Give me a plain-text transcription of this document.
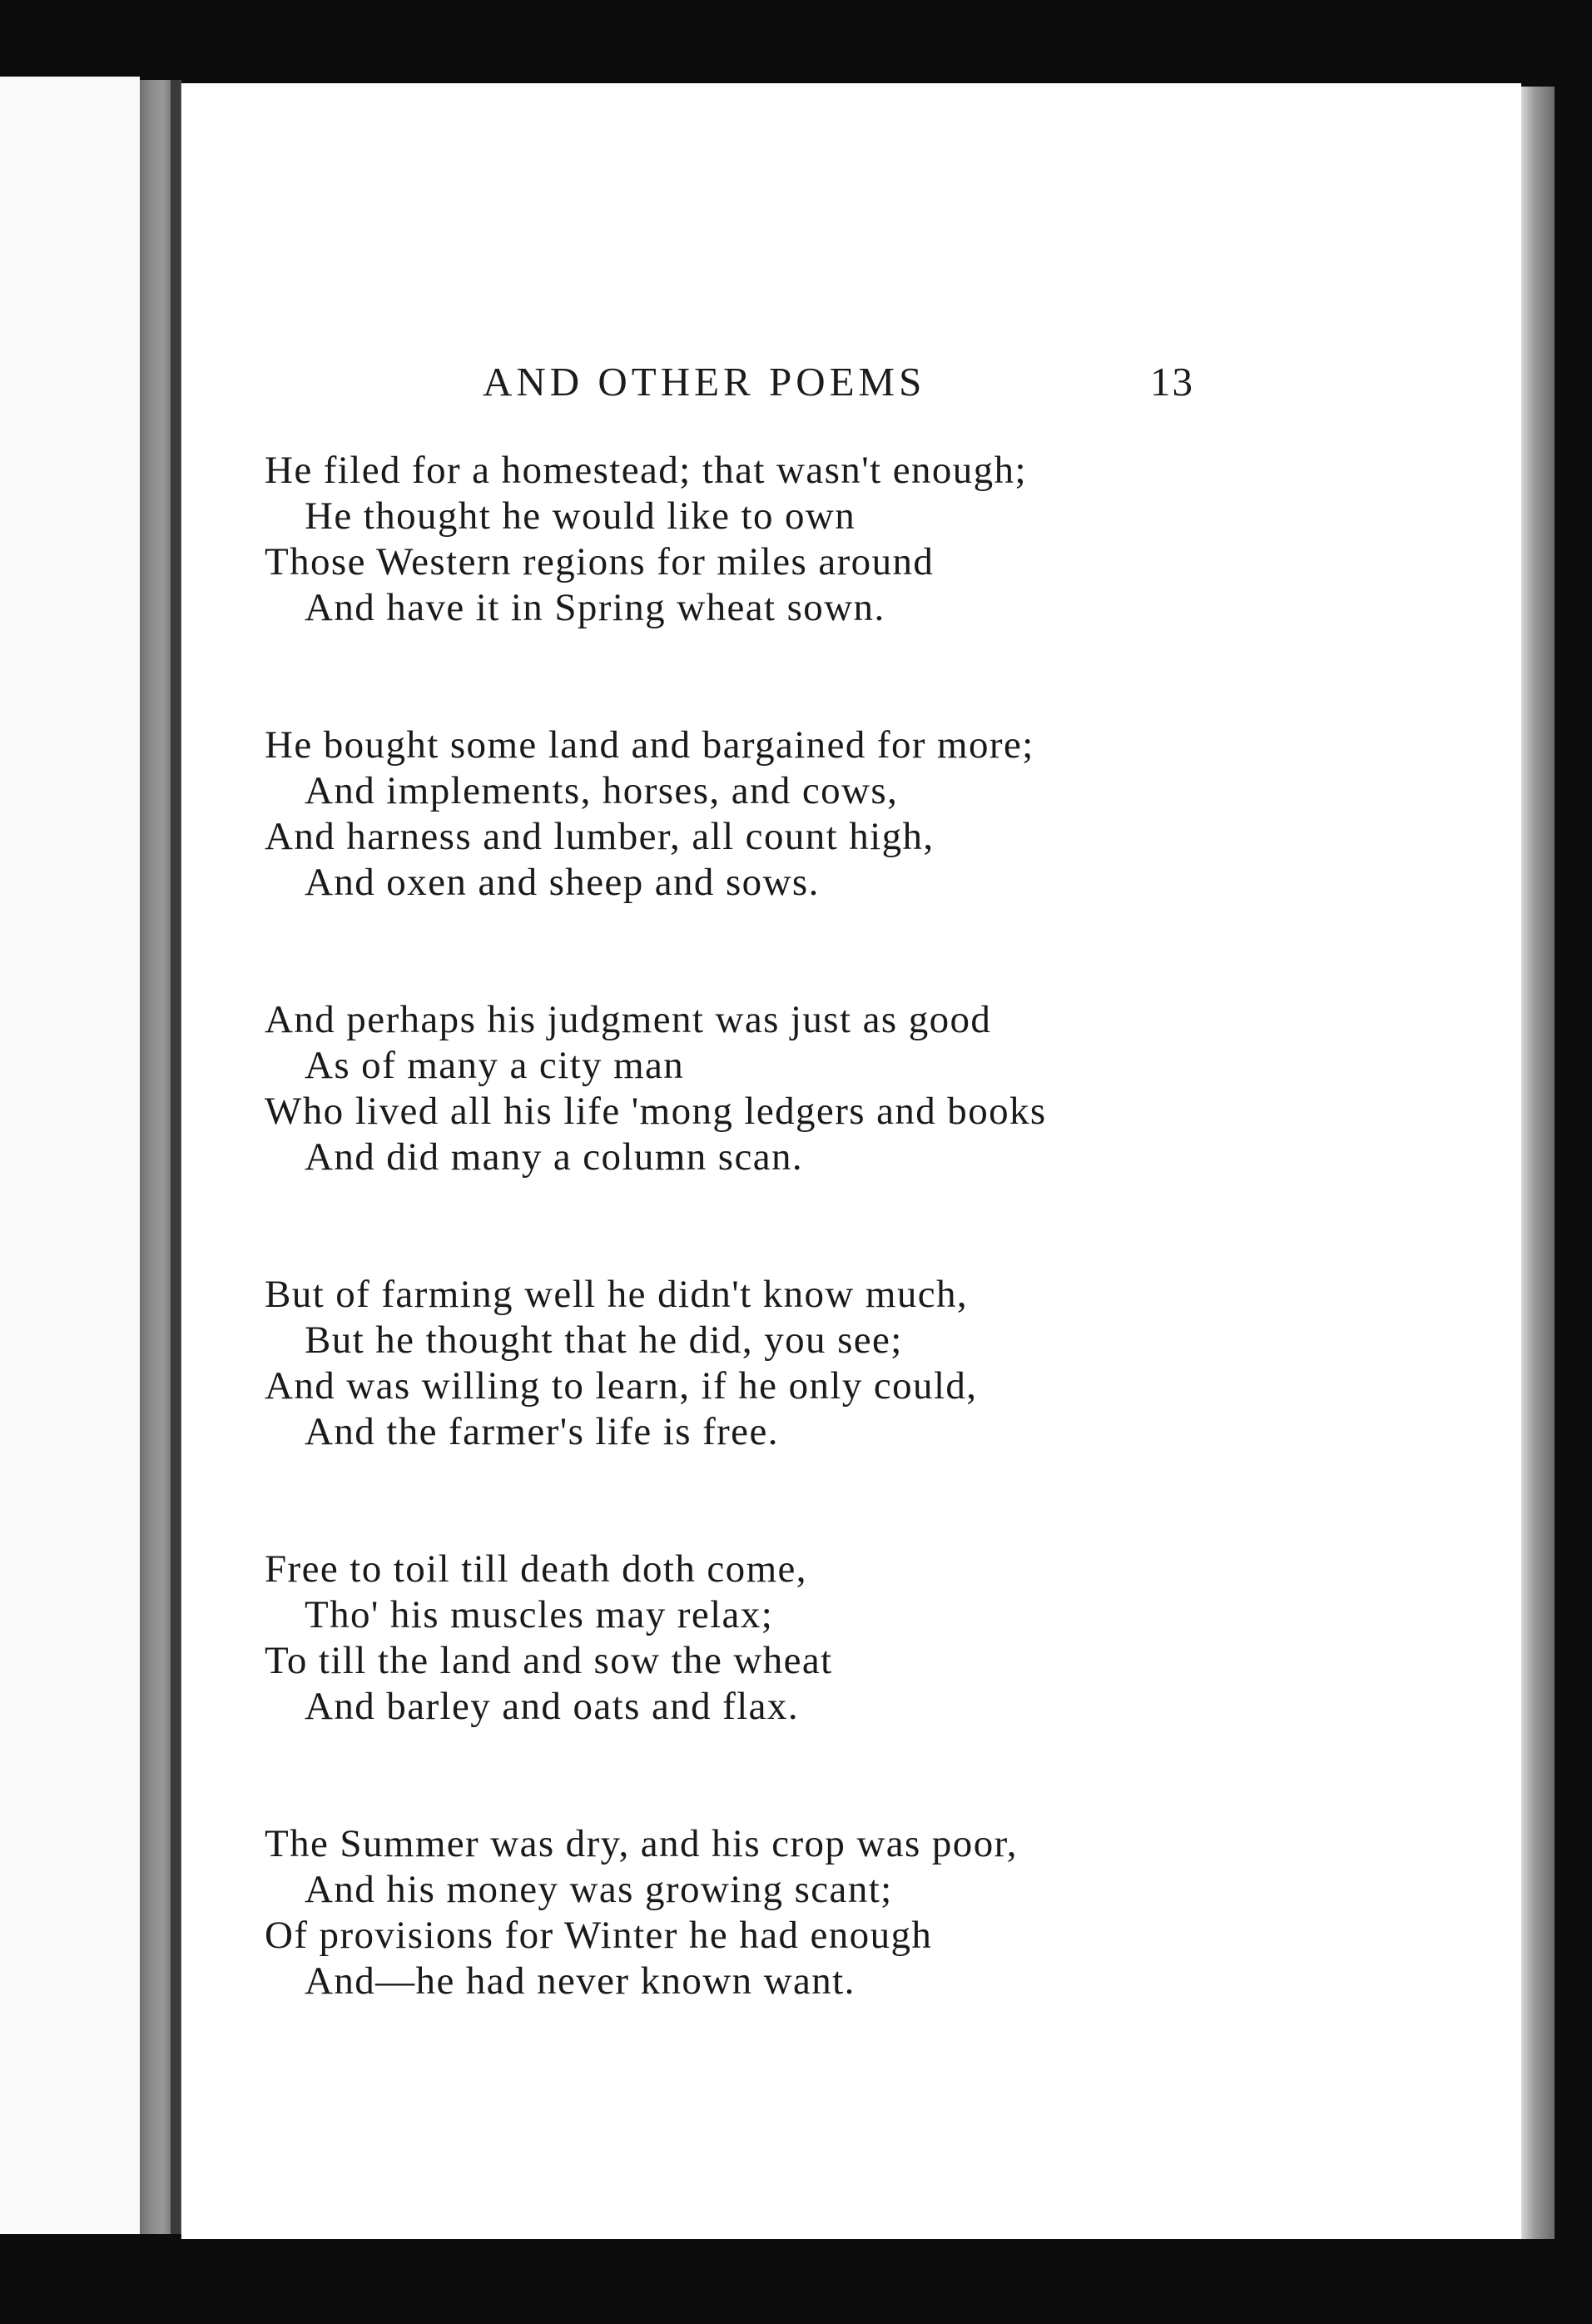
AND OTHER POEMS	13
He filed for a homestead; that wasn't enough;
He thought he would like to own
Those Western regions for miles around
And have it in Spring wheat sown.
He bought some land and bargained for more;
And implements, horses, and cows,
And harness and lumber, all count high,
And oxen and sheep and sows.
And perhaps his judgment was just as good
As of many a city man
Who lived all his life 'mong ledgers and books
And did many a column scan.
But of farming well he didn't know much,
But he thought that he did, you see;
And was willing to learn, if he only could,
And the farmer's life is free.
Free to toil till death doth come,
Tho' his muscles may relax;
To till the land and sow the wheat
And barley and oats and flax.
The Summer was dry, and his crop was poor,
And his money was growing scant;
Of provisions for Winter he had enough
And—he had never known want.
